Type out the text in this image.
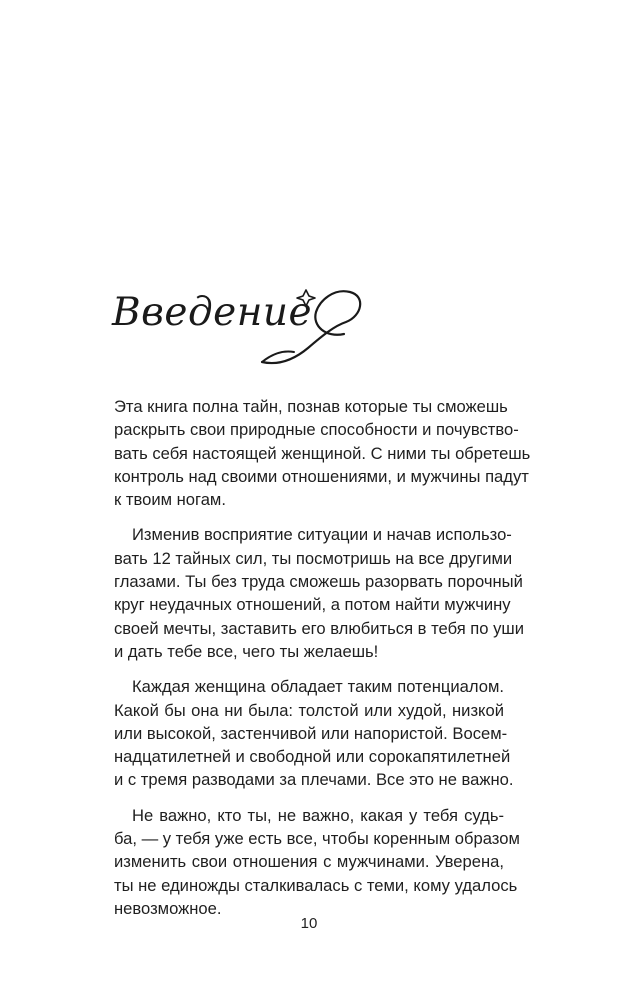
Введение
Эта книга полна тайн, познав которые ты сможешь
раскрыть свои природные способности и почувство-
вать себя настоящей женщиной. С ними ты обретешь
контроль над своими отношениями, и мужчины падут
к твоим ногам.
Изменив восприятие ситуации и начав использо-
вать 12 тайных сил, ты посмотришь на все другими
глазами. Ты без труда сможешь разорвать порочный
круг неудачных отношений, а потом найти мужчину
своей мечты, заставить его влюбиться в тебя по уши
и дать тебе все, чего ты желаешь!
Каждая женщина обладает таким потенциалом.
Какой бы она ни была: толстой или худой, низкой
или высокой, застенчивой или напористой. Восем-
надцатилетней и свободной или сорокапятилетней
и с тремя разводами за плечами. Все это не важно.
Не важно, кто ты, не важно, какая у тебя судь-
ба, — у тебя уже есть все, чтобы коренным образом
изменить свои отношения с мужчинами. Уверена,
ты не единожды сталкивалась с теми, кому удалось
невозможное.
10
